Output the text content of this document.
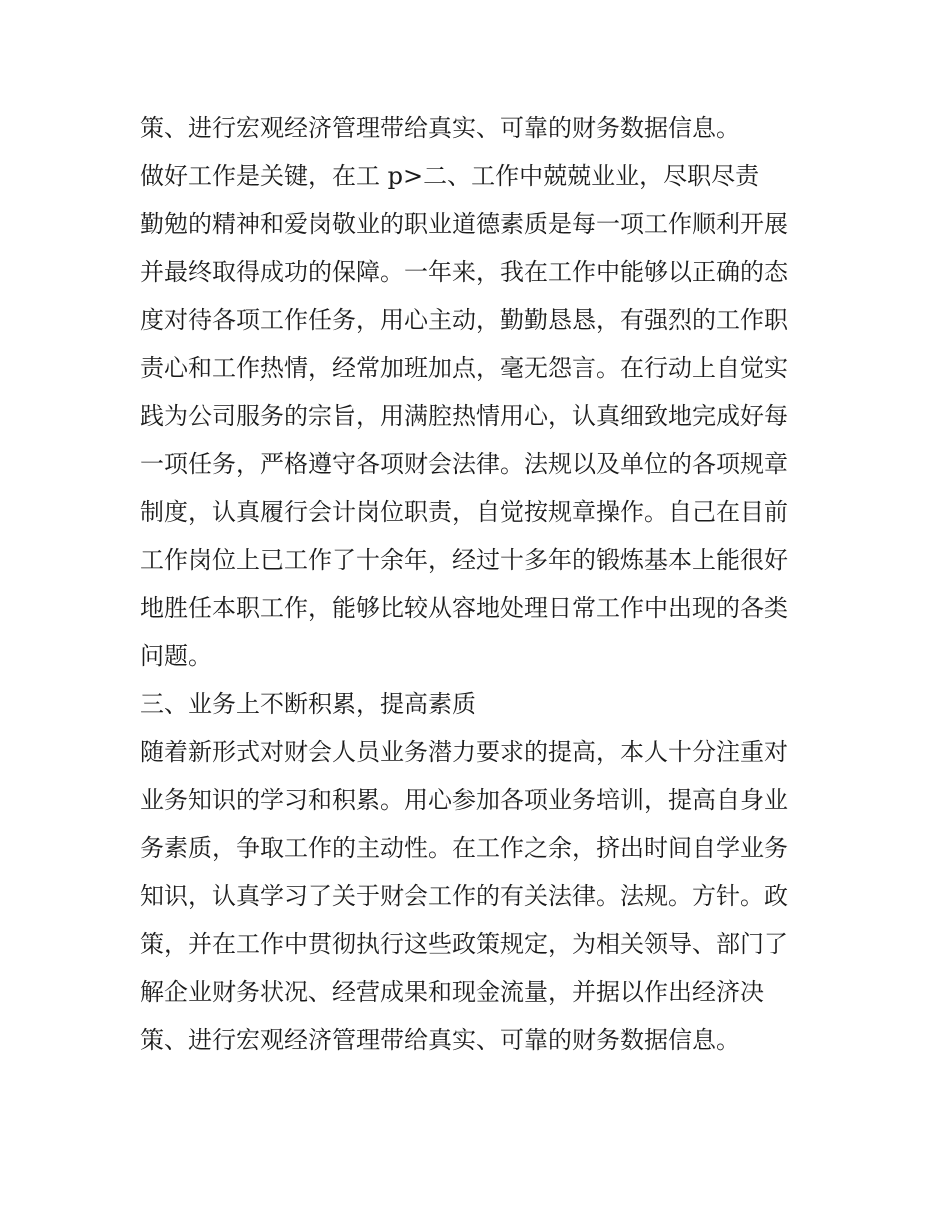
策、进行宏观经济管理带给真实、可靠的财务数据信息。
做好工作是关键，在工 p>二、工作中兢兢业业，尽职尽责
勤勉的精神和爱岗敬业的职业道德素质是每一项工作顺利开展
并最终取得成功的保障。一年来，我在工作中能够以正确的态
度对待各项工作任务，用心主动，勤勤恳恳，有强烈的工作职
责心和工作热情，经常加班加点，毫无怨言。在行动上自觉实
践为公司服务的宗旨，用满腔热情用心，认真细致地完成好每
一项任务，严格遵守各项财会法律。法规以及单位的各项规章
制度，认真履行会计岗位职责，自觉按规章操作。自己在目前
工作岗位上已工作了十余年，经过十多年的锻炼基本上能很好
地胜任本职工作，能够比较从容地处理日常工作中出现的各类
问题。
三、业务上不断积累，提高素质
随着新形式对财会人员业务潜力要求的提高，本人十分注重对
业务知识的学习和积累。用心参加各项业务培训，提高自身业
务素质，争取工作的主动性。在工作之余，挤出时间自学业务
知识，认真学习了关于财会工作的有关法律。法规。方针。政
策，并在工作中贯彻执行这些政策规定，为相关领导、部门了
解企业财务状况、经营成果和现金流量，并据以作出经济决
策、进行宏观经济管理带给真实、可靠的财务数据信息。
